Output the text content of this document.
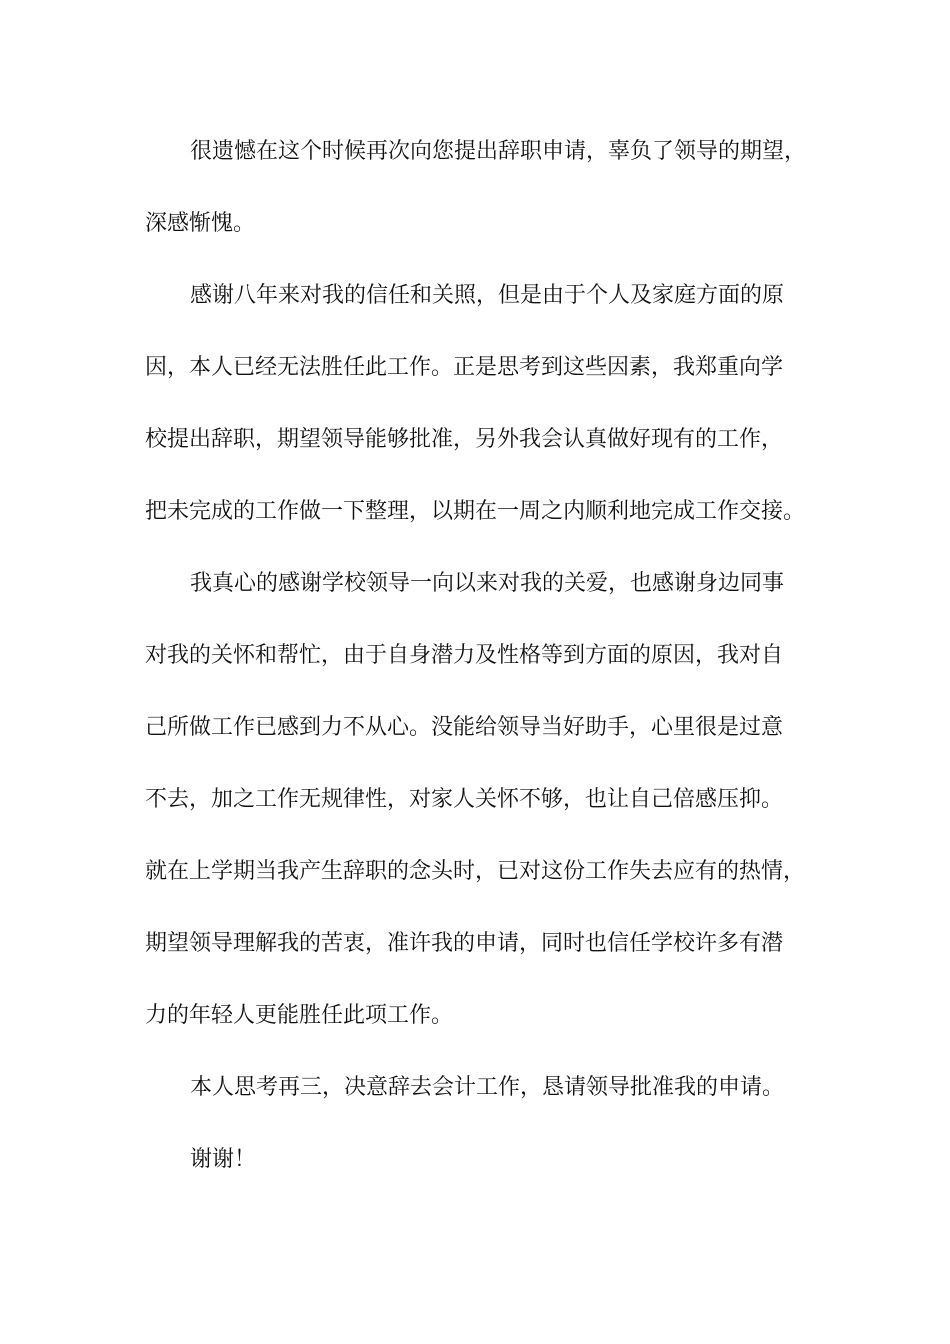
很遗憾在这个时候再次向您提出辞职申请，辜负了领导的期望，
深感惭愧。
感谢八年来对我的信任和关照，但是由于个人及家庭方面的原
因，本人已经无法胜任此工作。正是思考到这些因素，我郑重向学
校提出辞职，期望领导能够批准，另外我会认真做好现有的工作，
把未完成的工作做一下整理，以期在一周之内顺利地完成工作交接。
我真心的感谢学校领导一向以来对我的关爱，也感谢身边同事
对我的关怀和帮忙，由于自身潜力及性格等到方面的原因，我对自
己所做工作已感到力不从心。没能给领导当好助手，心里很是过意
不去，加之工作无规律性，对家人关怀不够，也让自己倍感压抑。
就在上学期当我产生辞职的念头时，已对这份工作失去应有的热情，
期望领导理解我的苦衷，准许我的申请，同时也信任学校许多有潜
力的年轻人更能胜任此项工作。
本人思考再三，决意辞去会计工作，恳请领导批准我的申请。
谢谢！
